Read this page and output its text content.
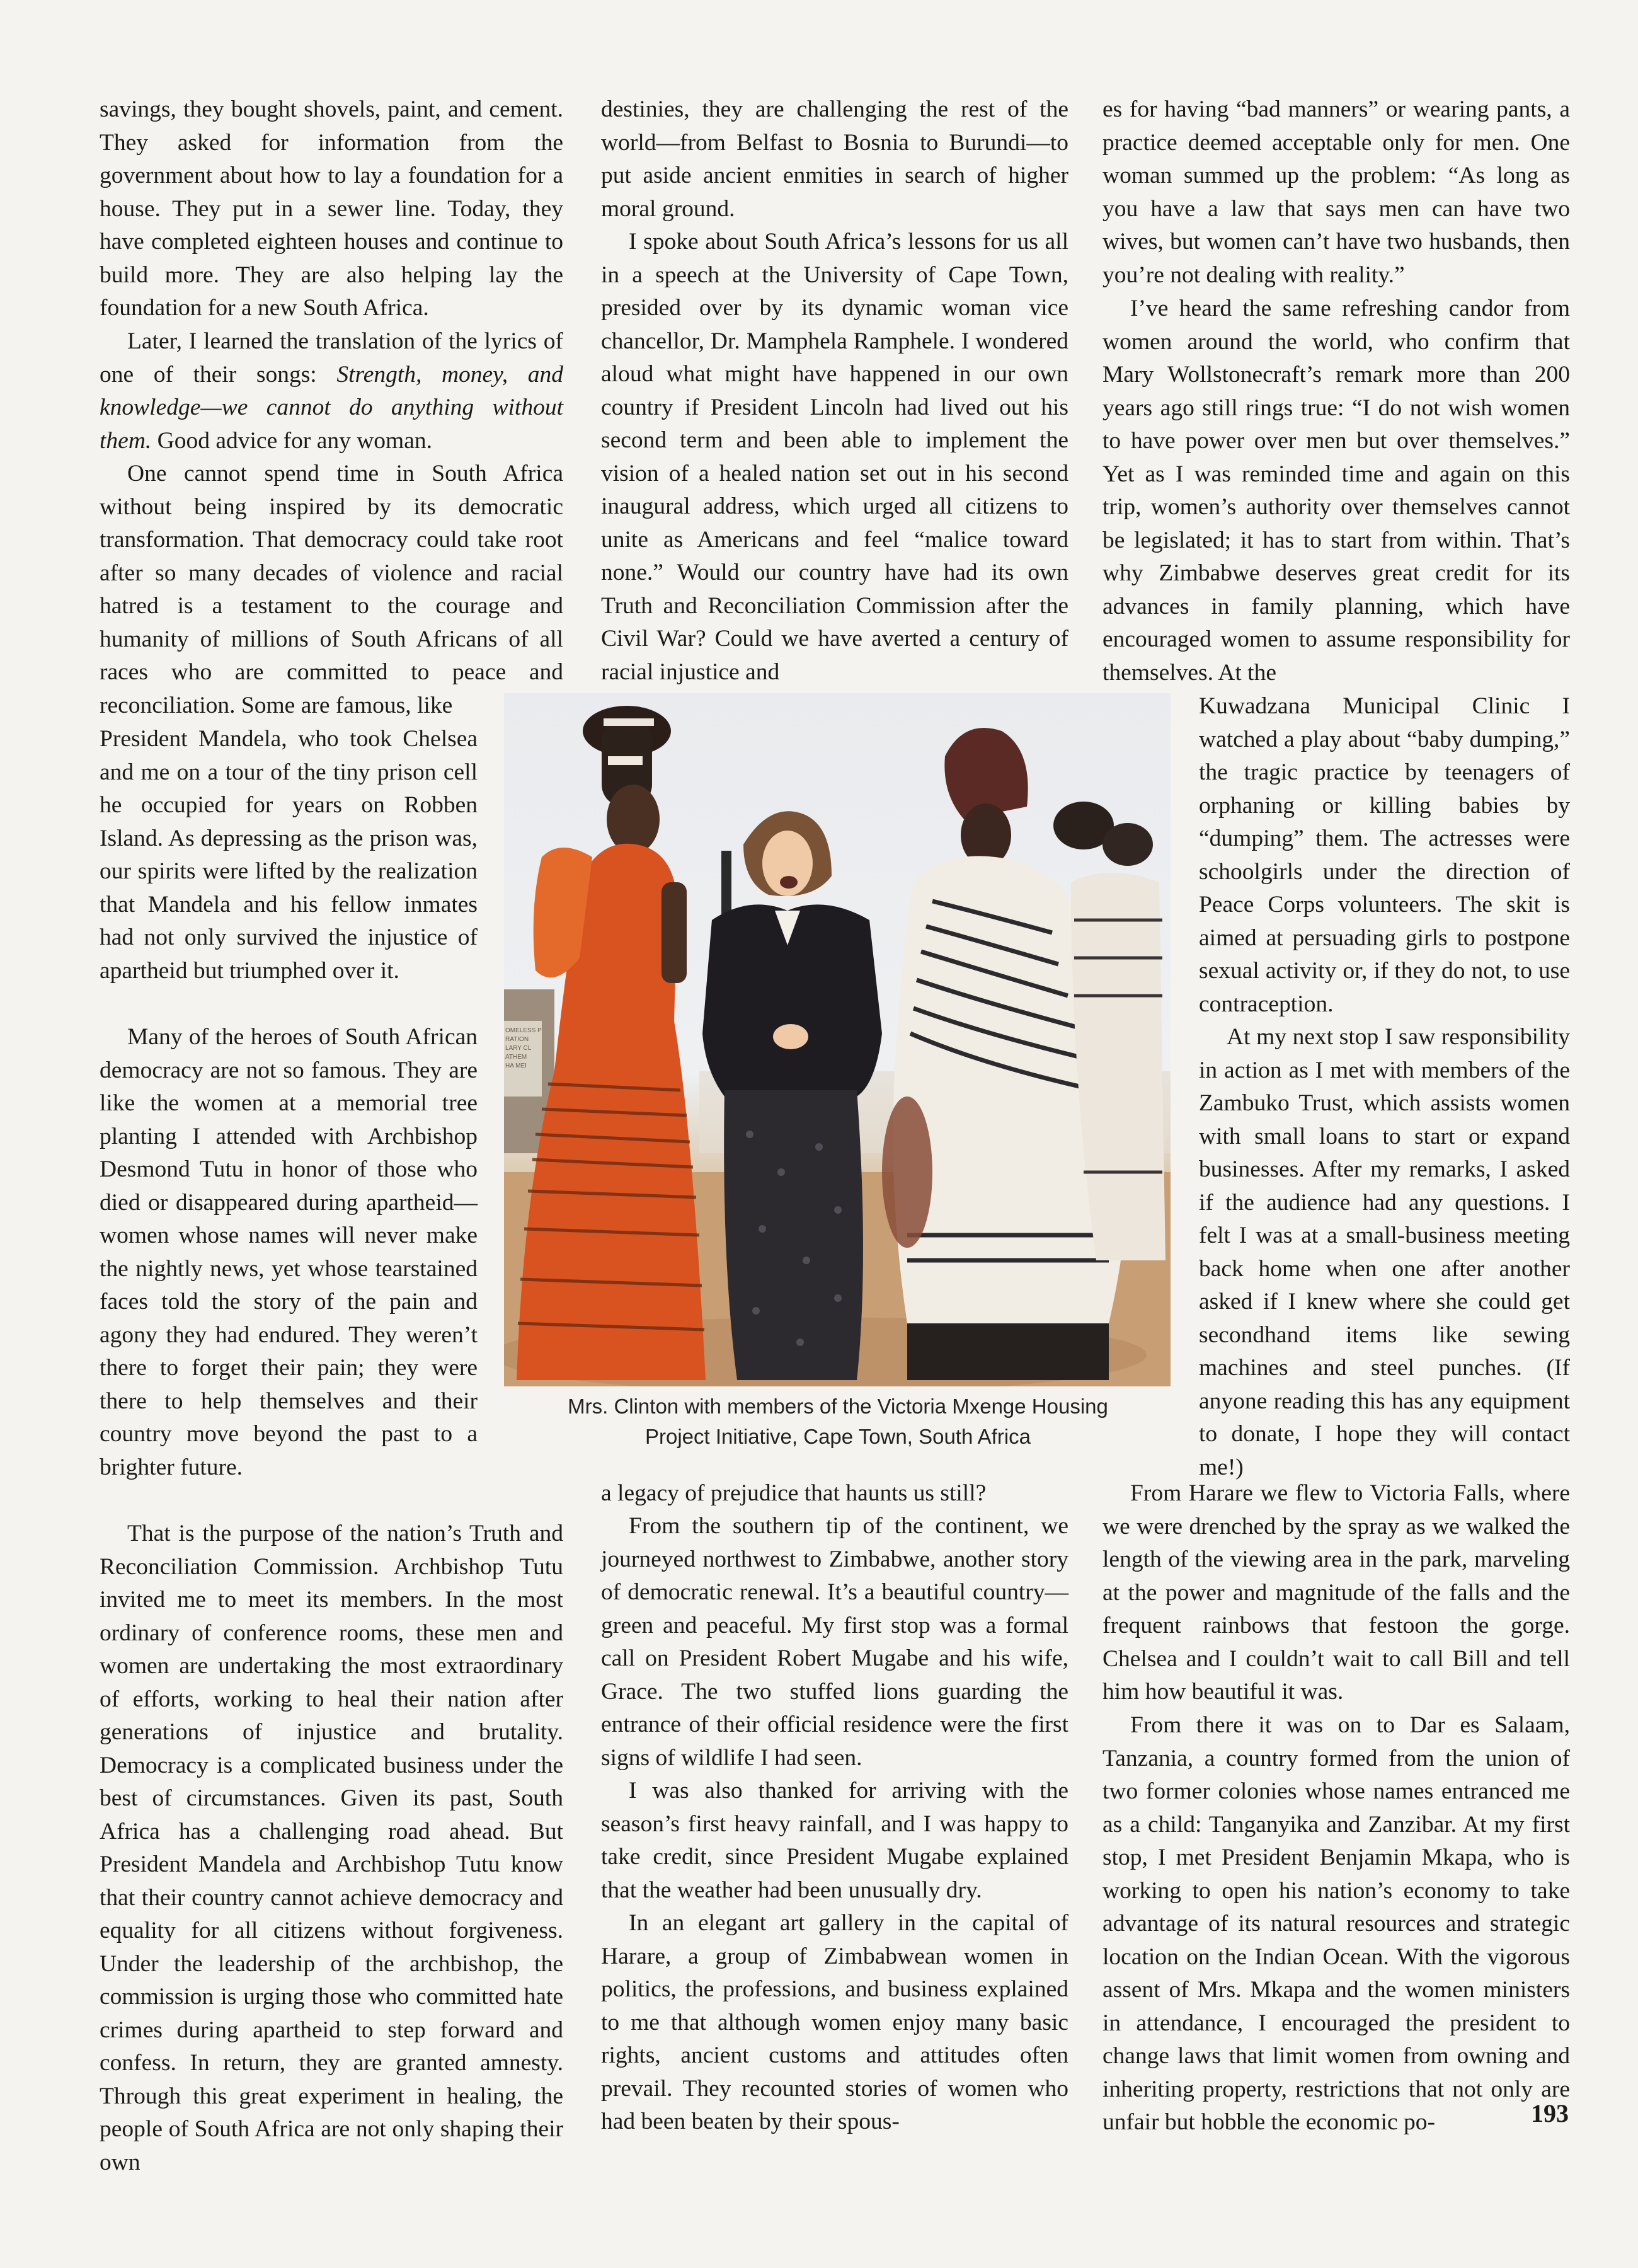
savings, they bought shovels, paint, and cement. They asked for information from the government about how to lay a foundation for a house. They put in a sewer line. Today, they have completed eighteen houses and continue to build more. They are also helping lay the foundation for a new South Africa.

Later, I learned the translation of the lyrics of one of their songs: Strength, money, and knowledge—we cannot do anything without them. Good advice for any woman.

One cannot spend time in South Africa without being inspired by its democratic transformation. That democracy could take root after so many decades of violence and racial hatred is a testament to the courage and humanity of millions of South Africans of all races who are committed to peace and reconciliation. Some are famous, like

President Mandela, who took Chelsea and me on a tour of the tiny prison cell he occupied for years on Robben Island. As depressing as the prison was, our spirits were lifted by the realization that Mandela and his fellow inmates had not only survived the injustice of apartheid but triumphed over it.

Many of the heroes of South African democracy are not so famous. They are like the women at a memorial tree planting I attended with Archbishop Desmond Tutu in honor of those who died or disappeared during apartheid—women whose names will never make the nightly news, yet whose tearstained faces told the story of the pain and agony they had endured. They weren’t there to forget their pain; they were there to help themselves and their country move beyond the past to a brighter future.

That is the purpose of the nation’s Truth and Reconciliation Commission. Archbishop Tutu invited me to meet its members. In the most ordinary of conference rooms, these men and women are undertaking the most extraordinary of efforts, working to heal their nation after generations of injustice and brutality. Democracy is a complicated business under the best of circumstances. Given its past, South Africa has a challenging road ahead. But President Mandela and Archbishop Tutu know that their country cannot achieve democracy and equality for all citizens without forgiveness. Under the leadership of the archbishop, the commission is urging those who committed hate crimes during apartheid to step forward and confess. In return, they are granted amnesty. Through this great experiment in healing, the people of South Africa are not only shaping their own

destinies, they are challenging the rest of the world—from Belfast to Bosnia to Burundi—to put aside ancient enmities in search of higher moral ground.

I spoke about South Africa’s lessons for us all in a speech at the University of Cape Town, presided over by its dynamic woman vice chancellor, Dr. Mamphela Ramphele. I wondered aloud what might have happened in our own country if President Lincoln had lived out his second term and been able to implement the vision of a healed nation set out in his second inaugural address, which urged all citizens to unite as Americans and feel “malice toward none.” Would our country have had its own Truth and Reconciliation Commission after the Civil War? Could we have averted a century of racial injustice and

a legacy of prejudice that haunts us still?

From the southern tip of the continent, we journeyed northwest to Zimbabwe, another story of democratic renewal. It’s a beautiful country—green and peaceful. My first stop was a formal call on President Robert Mugabe and his wife, Grace. The two stuffed lions guarding the entrance of their official residence were the first signs of wildlife I had seen.

I was also thanked for arriving with the season’s first heavy rainfall, and I was happy to take credit, since President Mugabe explained that the weather had been unusually dry.

In an elegant art gallery in the capital of Harare, a group of Zimbabwean women in politics, the professions, and business explained to me that although women enjoy many basic rights, ancient customs and attitudes often prevail. They recounted stories of women who had been beaten by their spous-

es for having “bad manners” or wearing pants, a practice deemed acceptable only for men. One woman summed up the problem: “As long as you have a law that says men can have two wives, but women can’t have two husbands, then you’re not dealing with reality.”

I’ve heard the same refreshing candor from women around the world, who confirm that Mary Wollstonecraft’s remark more than 200 years ago still rings true: “I do not wish women to have power over men but over themselves.” Yet as I was reminded time and again on this trip, women’s authority over themselves cannot be legislated; it has to start from within. That’s why Zimbabwe deserves great credit for its advances in family planning, which have encouraged women to assume responsibility for themselves. At the

Kuwadzana Municipal Clinic I watched a play about “baby dumping,” the tragic practice by teenagers of orphaning or killing babies by “dumping” them. The actresses were schoolgirls under the direction of Peace Corps volunteers. The skit is aimed at persuading girls to postpone sexual activity or, if they do not, to use contraception.

At my next stop I saw responsibility in action as I met with members of the Zambuko Trust, which assists women with small loans to start or expand businesses. After my remarks, I asked if the audience had any questions. I felt I was at a small-business meeting back home when one after another asked if I knew where she could get secondhand items like sewing machines and steel punches. (If anyone reading this has any equipment to donate, I hope they will contact me!)

From Harare we flew to Victoria Falls, where we were drenched by the spray as we walked the length of the viewing area in the park, marveling at the power and magnitude of the falls and the frequent rainbows that festoon the gorge. Chelsea and I couldn’t wait to call Bill and tell him how beautiful it was.

From there it was on to Dar es Salaam, Tanzania, a country formed from the union of two former colonies whose names entranced me as a child: Tanganyika and Zanzibar. At my first stop, I met President Benjamin Mkapa, who is working to open his nation’s economy to take advantage of its natural resources and strategic location on the Indian Ocean. With the vigorous assent of Mrs. Mkapa and the women ministers in attendance, I encouraged the president to change laws that limit women from owning and inheriting property, restrictions that not only are unfair but hobble the economic po-

OMELESS P
RATION
LARY CL
ATHEM
HA MEI
Mrs. Clinton with members of the Victoria Mxenge Housing
Project Initiative, Cape Town, South Africa
193
